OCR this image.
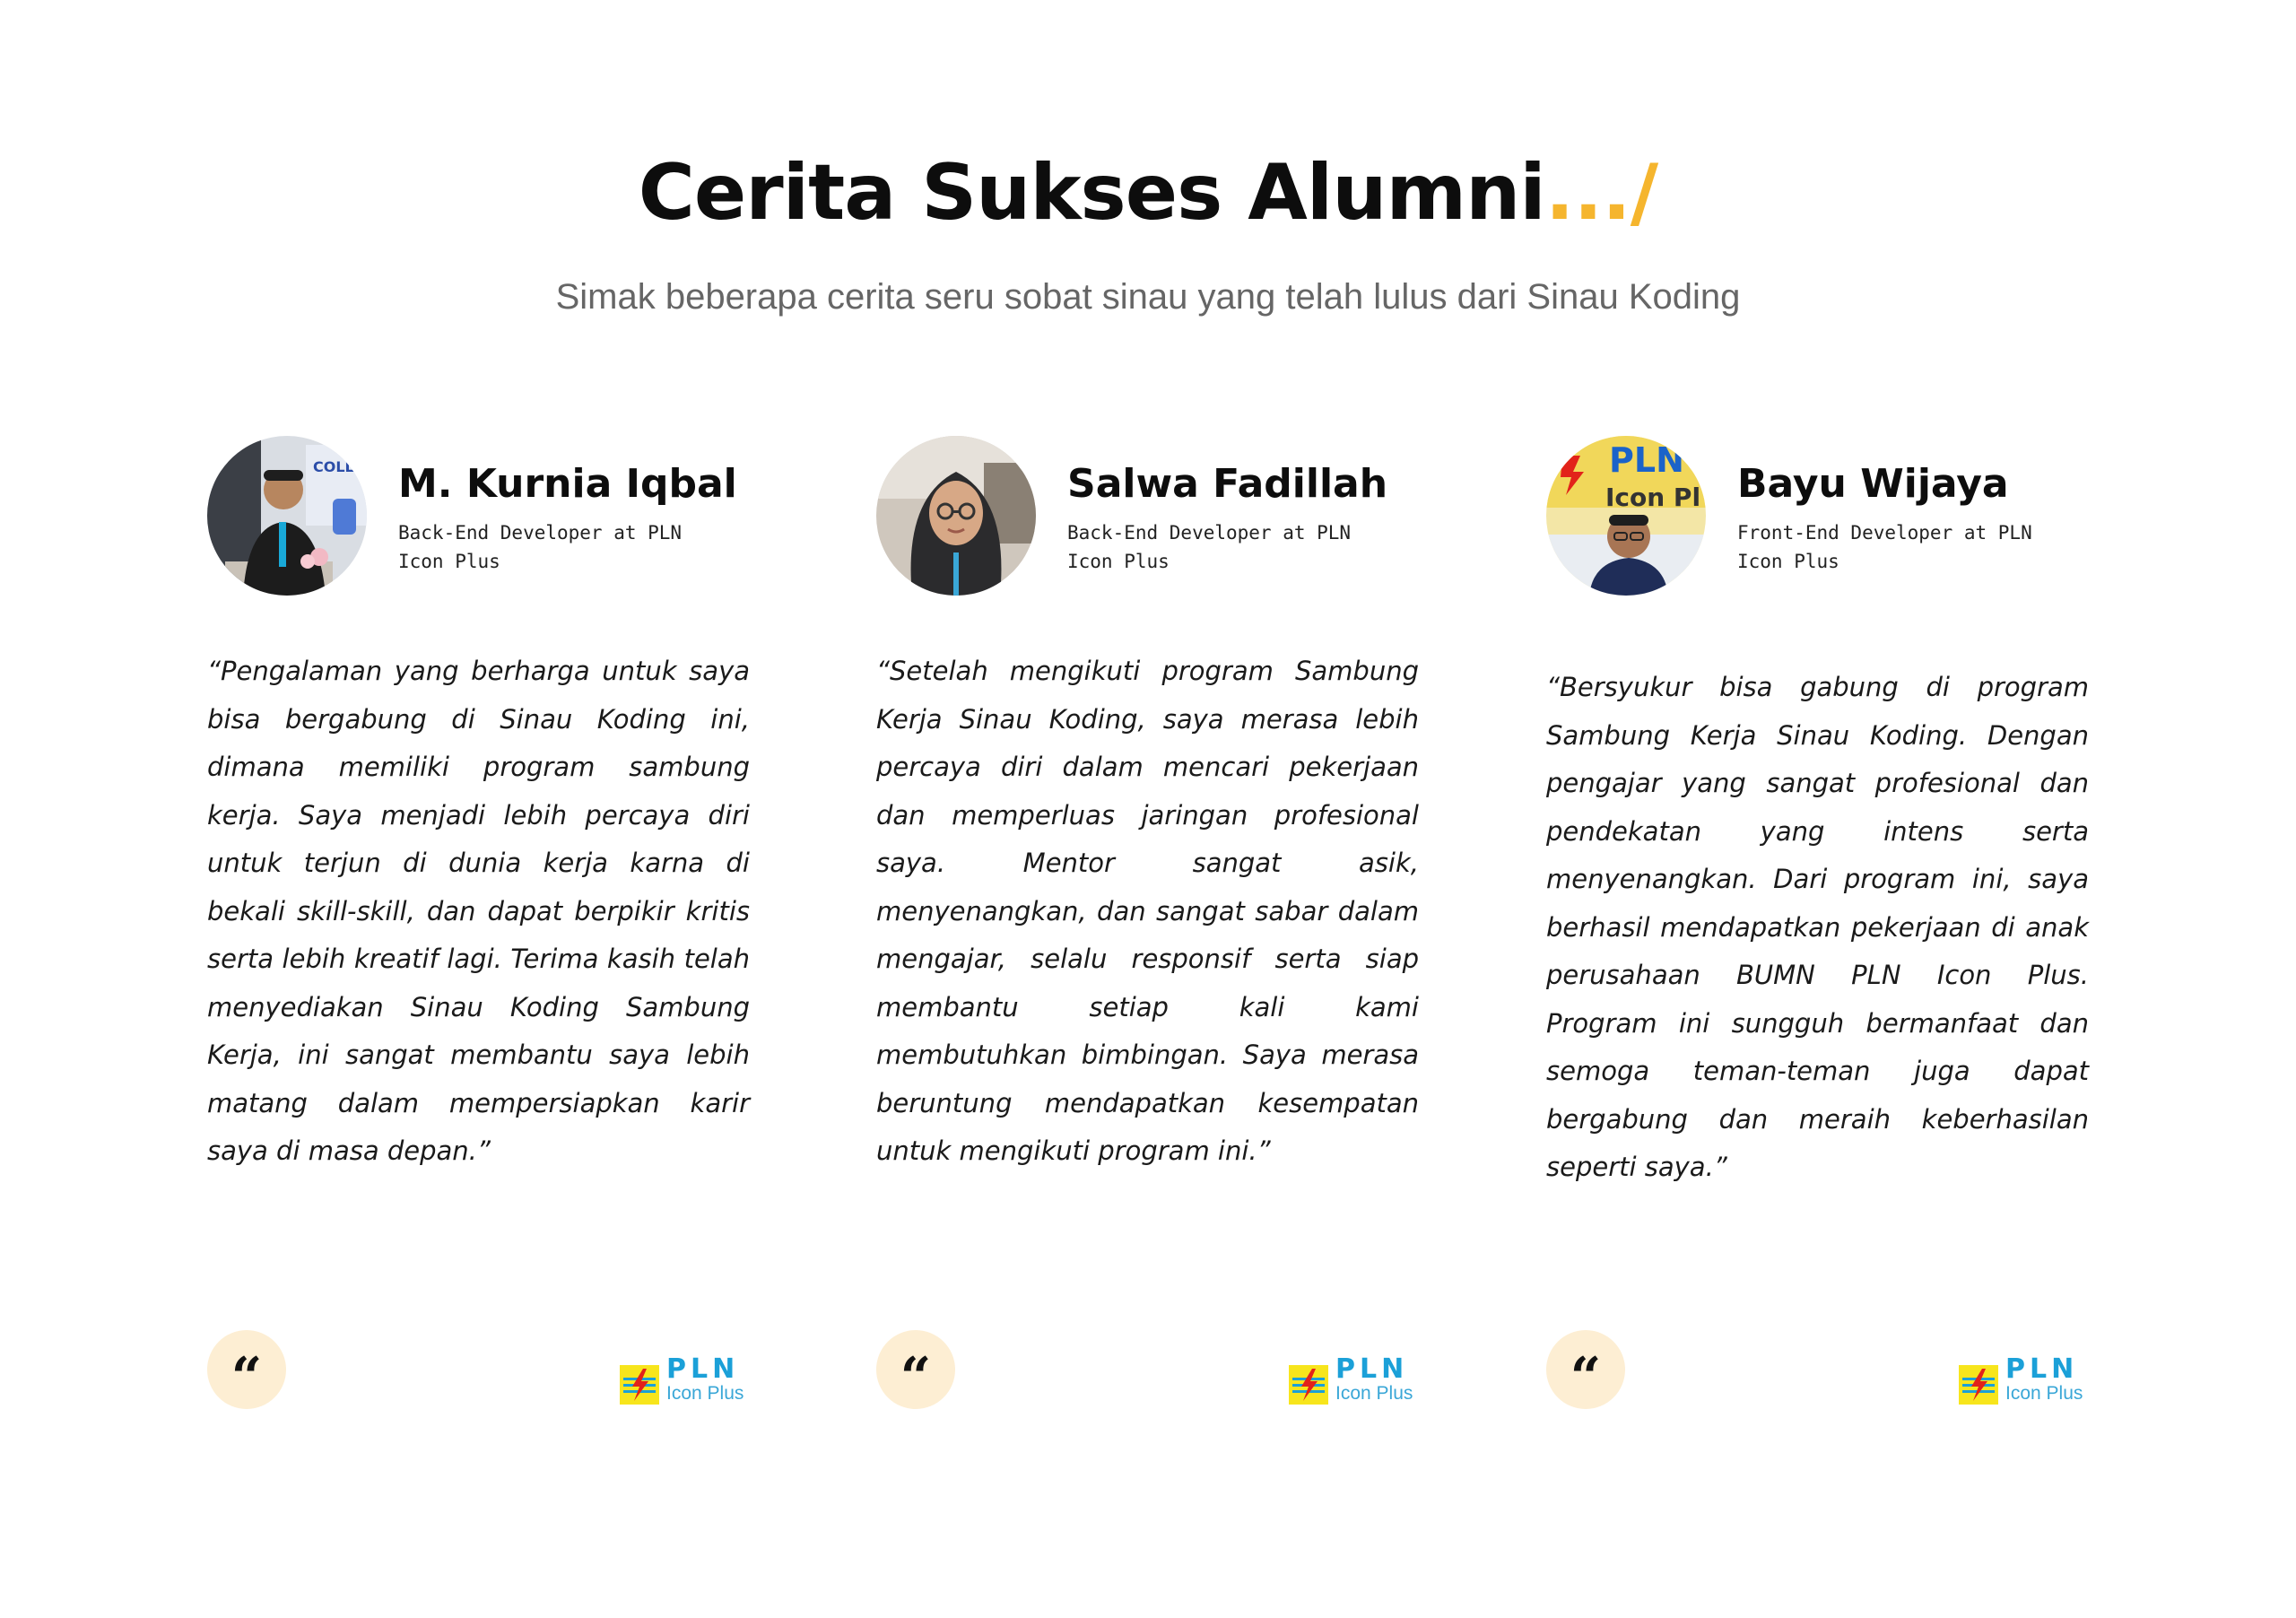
Cerita Sukses Alumni.../
Simak beberapa cerita seru sobat sinau yang telah lulus dari Sinau Koding
COLL M. Kurnia Iqbal
Back-End Developer at PLN Icon Plus

“Pengalaman yang berharga untuk saya bisa bergabung di Sinau Koding ini, dimana memiliki program sambung kerja. Saya menjadi lebih percaya diri untuk terjun di dunia kerja karna di bekali skill-skill, dan dapat berpikir kritis serta lebih kreatif lagi. Terima kasih telah menyediakan Sinau Koding Sambung Kerja, ini sangat membantu saya lebih matang dalam mempersiapkan karir saya di masa depan.”

“	PLN
Icon Plus
Salwa Fadillah
Back-End Developer at PLN Icon Plus

“Setelah mengikuti program Sambung Kerja Sinau Koding, saya merasa lebih percaya diri dalam mencari pekerjaan dan memperluas jaringan profesional saya. Mentor sangat asik, menyenangkan, dan sangat sabar dalam mengajar, selalu responsif serta siap membantu setiap kali kami membutuhkan bimbingan. Saya merasa beruntung mendapatkan kesempatan untuk mengikuti program ini.”

“	PLN
Icon Plus
PLN
Icon Pl Bayu Wijaya
Front-End Developer at PLN Icon Plus

“Bersyukur bisa gabung di program Sambung Kerja Sinau Koding. Dengan pengajar yang sangat profesional dan pendekatan yang intens serta menyenangkan. Dari program ini, saya berhasil mendapatkan pekerjaan di anak perusahaan BUMN PLN Icon Plus. Program ini sungguh bermanfaat dan semoga teman-teman juga dapat bergabung dan meraih keberhasilan seperti saya.”

“	PLN
Icon Plus
